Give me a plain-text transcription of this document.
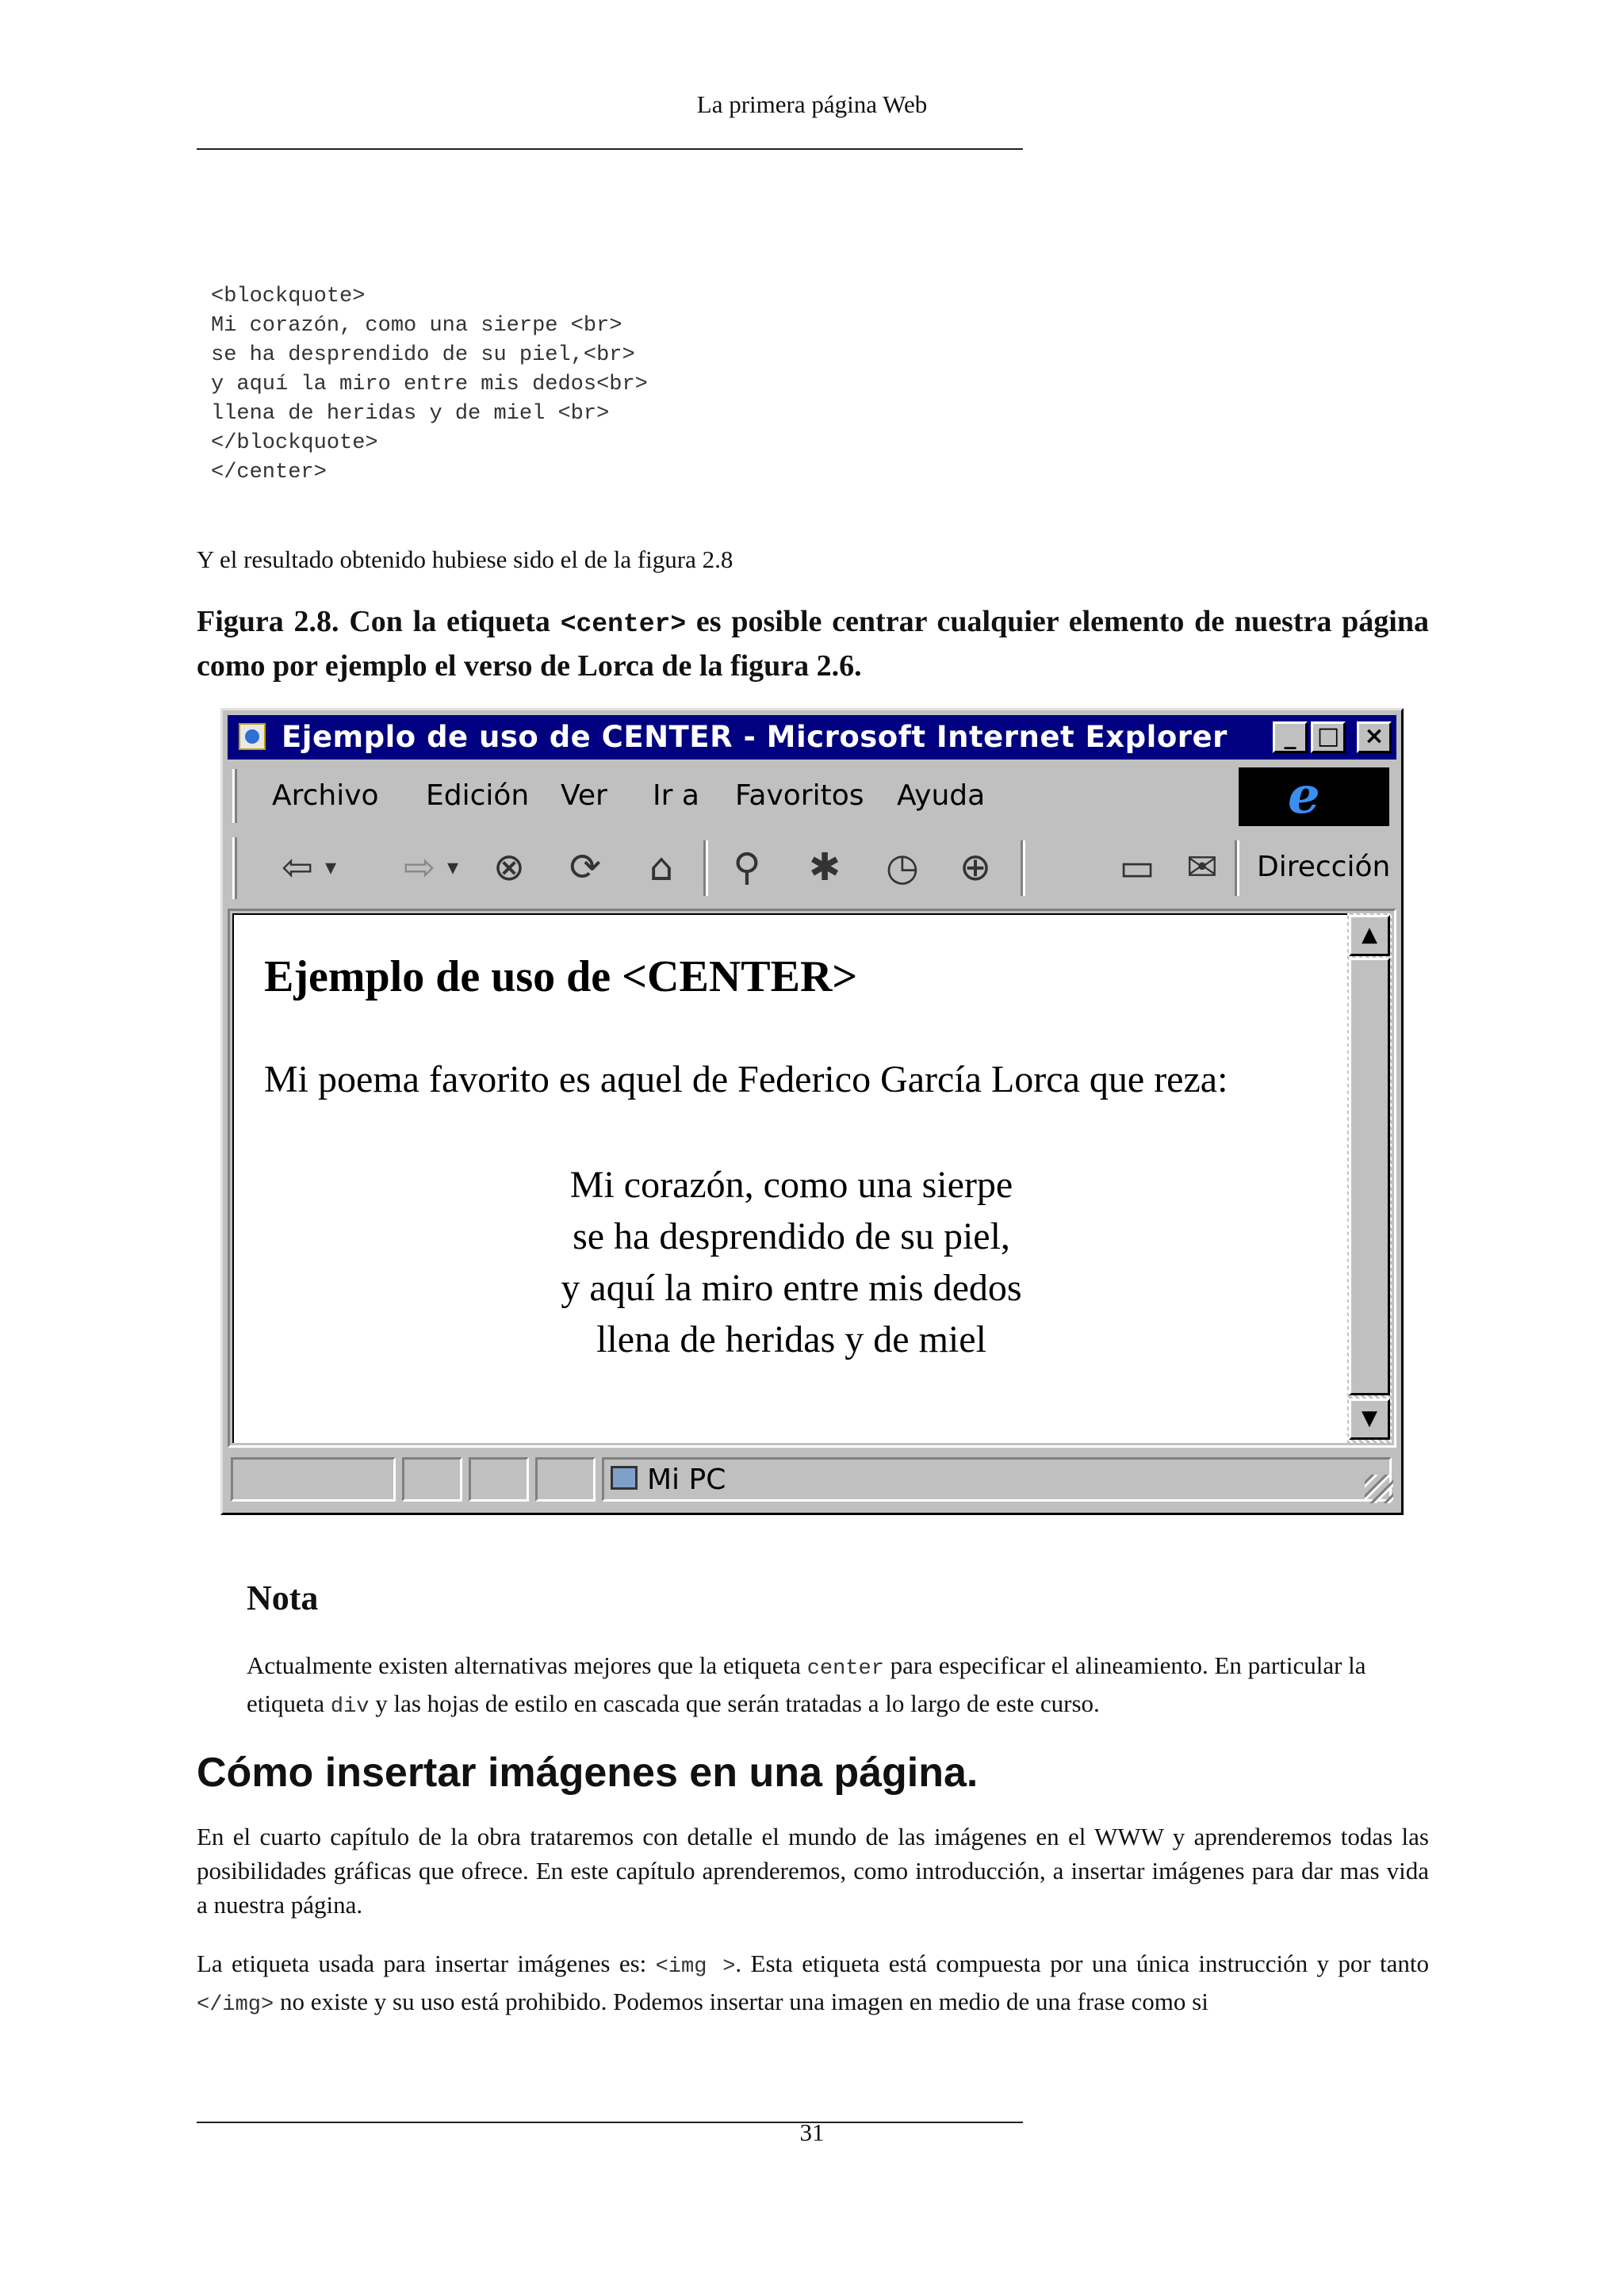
La primera página Web
<blockquote>
Mi corazón, como una sierpe <br>
se ha desprendido de su piel,<br>
y aquí la miro entre mis dedos<br>
llena de heridas y de miel <br>
</blockquote>
</center>
Y el resultado obtenido hubiese sido el de la figura 2.8
Figura 2.8. Con la etiqueta <center> es posible centrar cualquier elemento de nuestra página como por ejemplo el verso de Lorca de la figura 2.6.
Ejemplo de uso de CENTER - Microsoft Internet Explorer	_ □	×
Archivo Edición Ver Ir a Favoritos Ayuda	e
⇦ ▾ ⇨ ▾ ⊗ ⟳	⌂	⚲	✱ ◷ ⊕	▭ ✉	Dirección
Ejemplo de uso de <CENTER>
Mi poema favorito es aquel de Federico García Lorca que reza:
Mi corazón, como una sierpe
se ha desprendido de su piel,
y aquí la miro entre mis dedos
llena de heridas y de miel
▲
▼
Mi PC
Nota
Actualmente existen alternativas mejores que la etiqueta center para especificar el alineamiento. En particular la etiqueta div y las hojas de estilo en cascada que serán tratadas a lo largo de este curso.
Cómo insertar imágenes en una página.
En el cuarto capítulo de la obra trataremos con detalle el mundo de las imágenes en el WWW y aprenderemos todas las posibilidades gráficas que ofrece. En este capítulo aprenderemos, como introducción, a insertar imágenes para dar mas vida a nuestra página.
La etiqueta usada para insertar imágenes es: <img >. Esta etiqueta está compuesta por una única instrucción y por tanto </img> no existe y su uso está prohibido. Podemos insertar una imagen en medio de una frase como si
31
